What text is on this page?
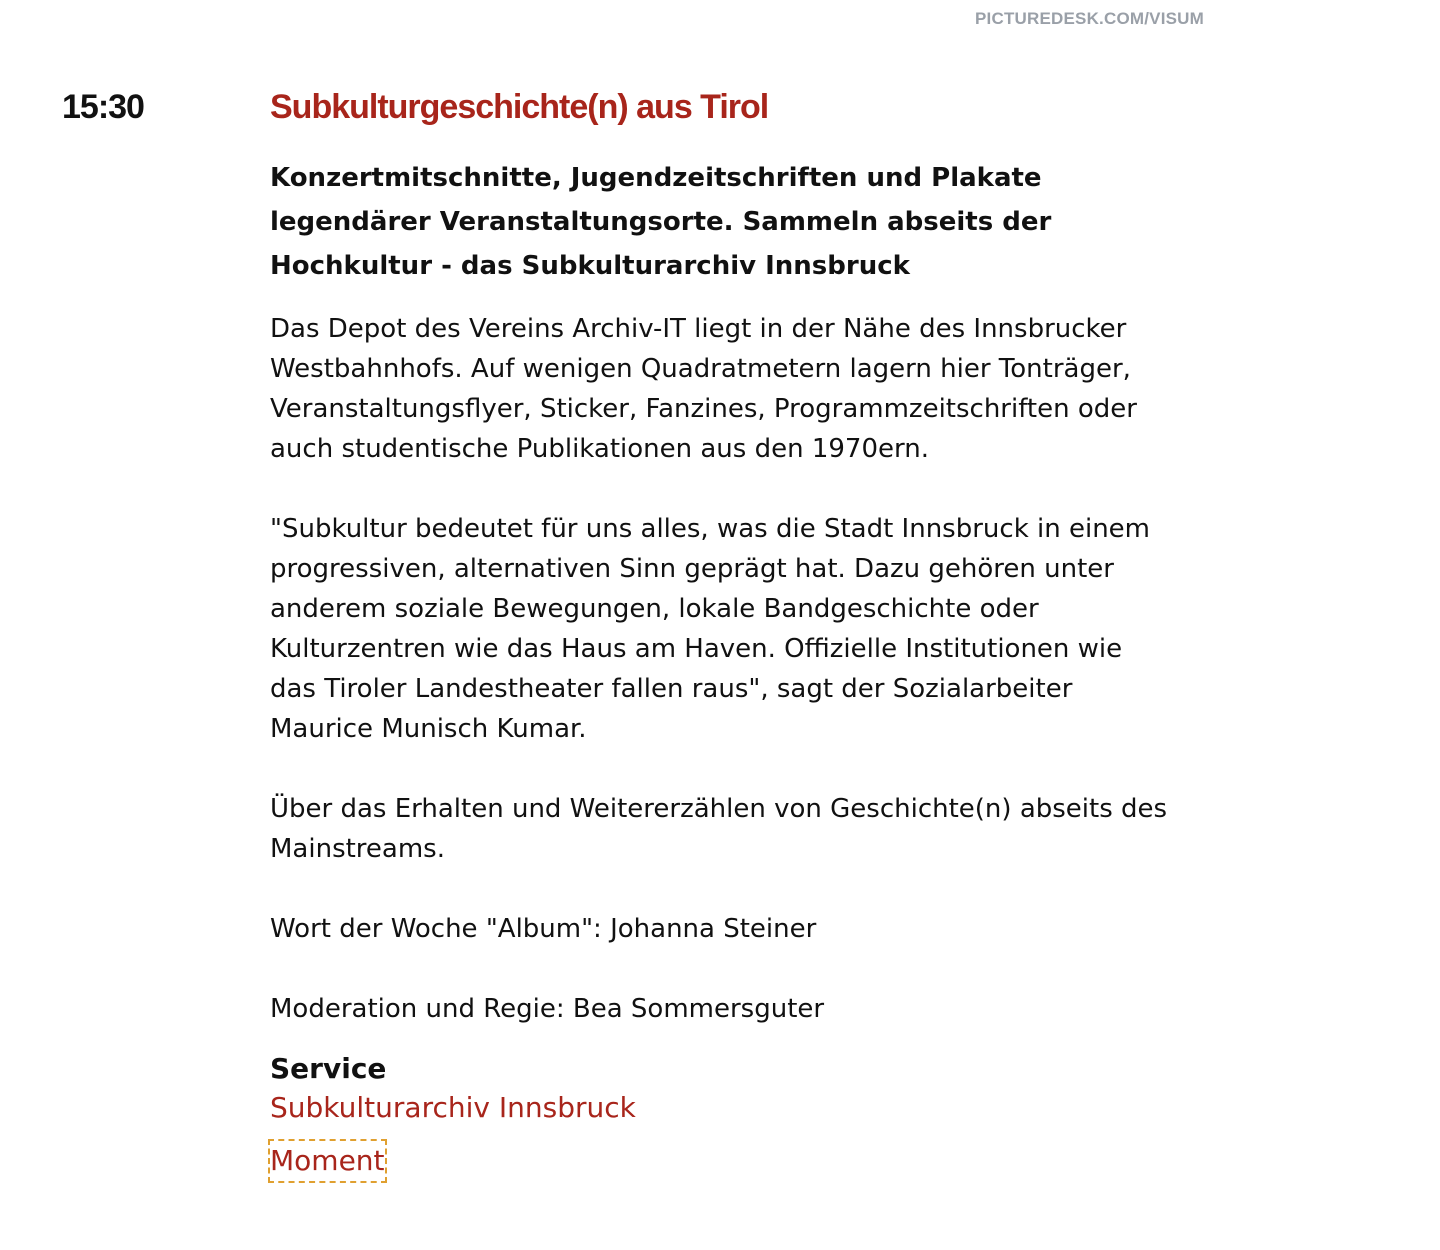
PICTUREDESK.COM/VISUM
15:30	Subkulturgeschichte(n) aus Tirol
Konzertmitschnitte, Jugendzeitschriften und Plakate legendärer Veranstaltungsorte. Sammeln abseits der Hochkultur - das Subkulturarchiv Innsbruck

Das Depot des Vereins Archiv-IT liegt in der Nähe des Innsbrucker Westbahnhofs. Auf wenigen Quadratmetern lagern hier Tonträger, Veranstaltungsflyer, Sticker, Fanzines, Programmzeitschriften oder auch studentische Publikationen aus den 1970ern.

"Subkultur bedeutet für uns alles, was die Stadt Innsbruck in einem progressiven, alternativen Sinn geprägt hat. Dazu gehören unter anderem soziale Bewegungen, lokale Bandgeschichte oder Kulturzentren wie das Haus am Haven. Offizielle Institutionen wie das Tiroler Landestheater fallen raus", sagt der Sozialarbeiter Maurice Munisch Kumar.

Über das Erhalten und Weitererzählen von Geschichte(n) abseits des Mainstreams.

Wort der Woche "Album": Johanna Steiner

Moderation und Regie: Bea Sommersguter

Service
Subkulturarchiv Innsbruck
Moment
